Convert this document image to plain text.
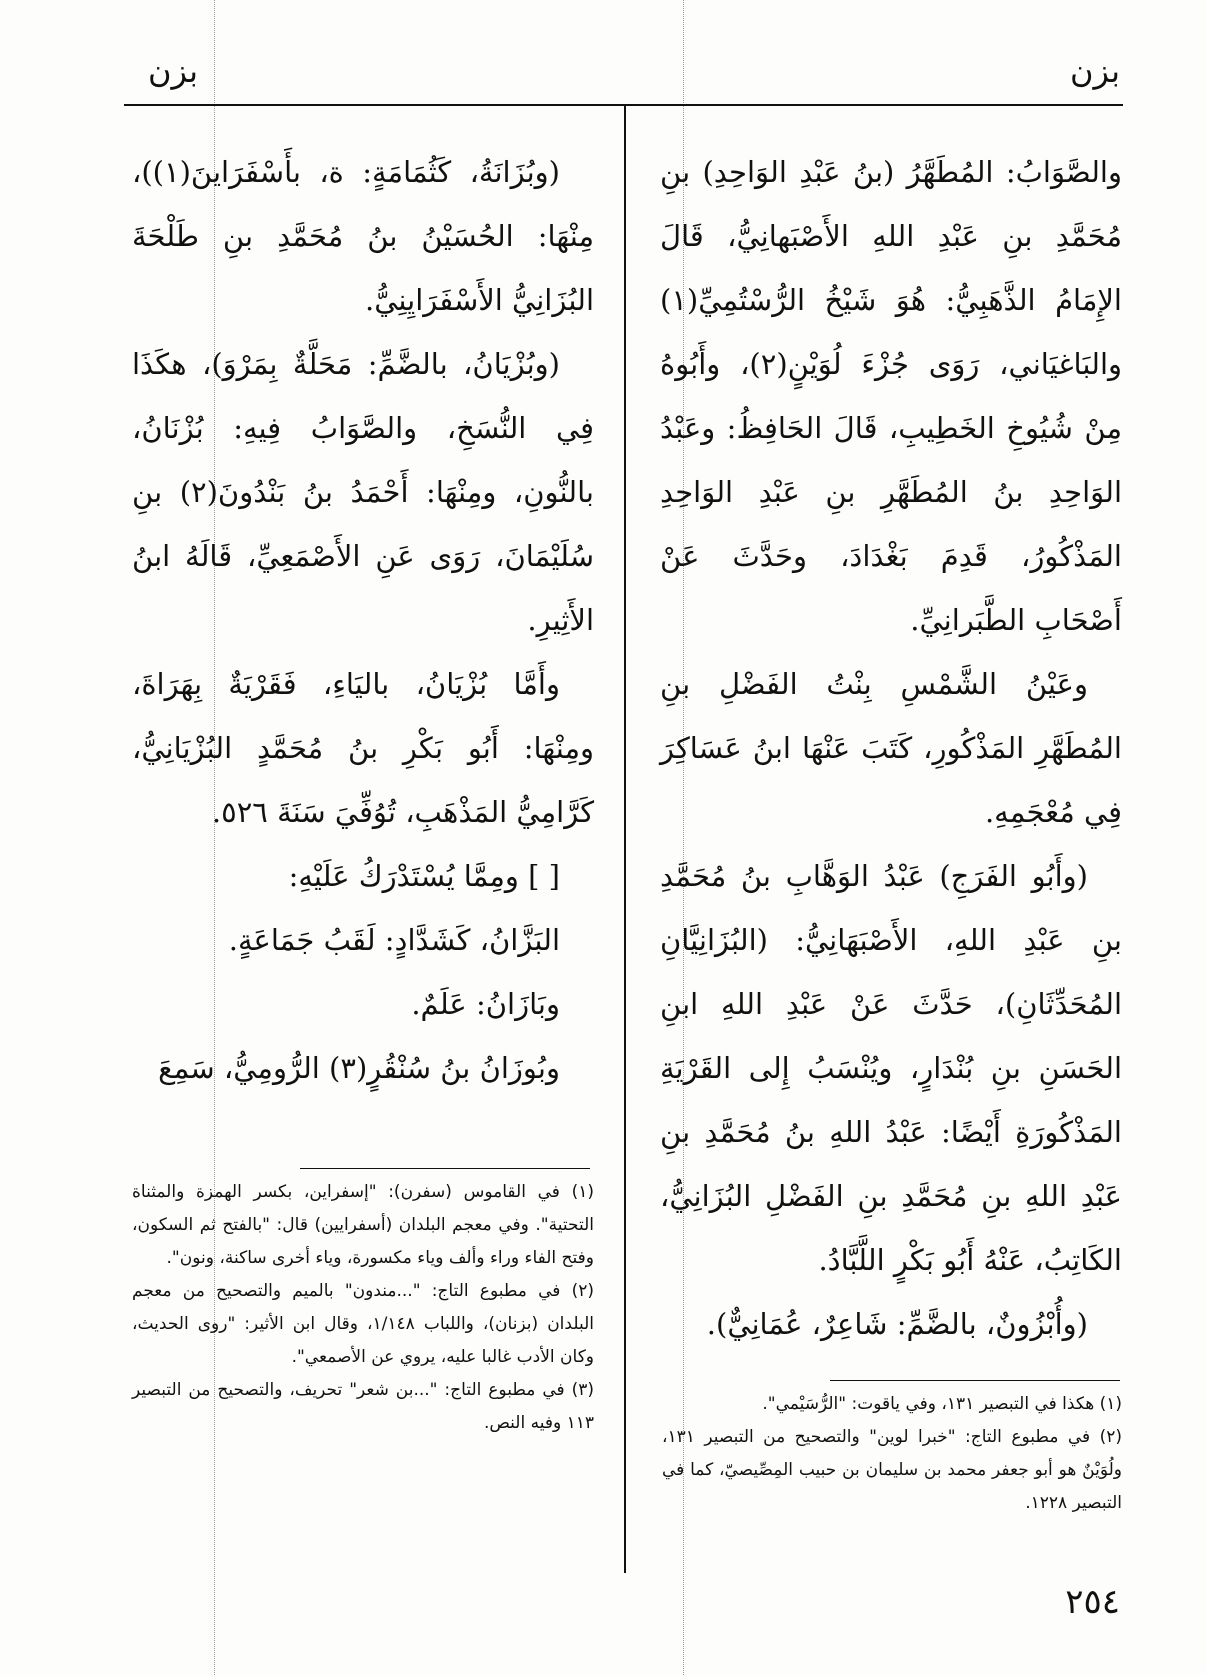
بزن
بزن

والصَّوَابُ: المُطَهَّرُ (بنُ عَبْدِ الوَاحِدِ) بنِ مُحَمَّدِ بنِ عَبْدِ اللهِ الأَصْبَهانِيُّ، قَالَ الإِمَامُ الذَّهَبِيُّ: هُوَ شَيْخُ الرُّسْتُمِيِّ(١) والبَاغيَاني، رَوَى جُزْءَ لُوَيْنٍ(٢)، وأَبُوهُ مِنْ شُيُوخِ الخَطِيبِ، قَالَ الحَافِظُ: وعَبْدُ الوَاحِدِ بنُ المُطَهَّرِ بنِ عَبْدِ الوَاحِدِ المَذْكُورُ، قَدِمَ بَغْدَادَ، وحَدَّثَ عَنْ أَصْحَابِ الطَّبَرانِيِّ.

وعَيْنُ الشَّمْسِ بِنْتُ الفَضْلِ بنِ المُطَهَّرِ المَذْكُورِ، كَتَبَ عَنْهَا ابنُ عَسَاكِرَ فِي مُعْجَمِهِ.

(وأَبُو الفَرَجِ) عَبْدُ الوَهَّابِ بنُ مُحَمَّدِ بنِ عَبْدِ اللهِ، الأَصْبَهَانِيُّ: (البُزَانِيَّانِ المُحَدِّثَانِ)، حَدَّثَ عَنْ عَبْدِ اللهِ ابنِ الحَسَنِ بنِ بُنْدَارٍ، ويُنْسَبُ إِلى القَرْيَةِ المَذْكُورَةِ أَيْضًا: عَبْدُ اللهِ بنُ مُحَمَّدِ بنِ عَبْدِ اللهِ بنِ مُحَمَّدِ بنِ الفَضْلِ البُزَانِيُّ، الكَاتِبُ، عَنْهُ أَبُو بَكْرٍ اللَّبَّادُ.

(وأُبْزُونٌ، بالضَّمِّ: شَاعِرٌ، عُمَانِيٌّ).

(وبُزَانَةُ، كَثُمَامَةٍ: ة، بأَسْفَرَاينَ(١))، مِنْهَا: الحُسَيْنُ بنُ مُحَمَّدِ بنِ طَلْحَةَ البُزَانِيُّ الأَسْفَرَايِنِيُّ.

(وبُزْيَانُ، بالضَّمِّ: مَحَلَّةٌ بِمَرْوَ)، هكَذَا فِي النُّسَخِ، والصَّوَابُ فِيهِ: بُزْنَانُ، بالنُّونِ، ومِنْهَا: أَحْمَدُ بنُ بَنْدُونَ(٢) بنِ سُلَيْمَانَ، رَوَى عَنِ الأَصْمَعِيِّ، قَالَهُ ابنُ الأَثِيرِ.

وأَمَّا بُزْيَانُ، باليَاءِ، فَقَرْيَةٌ بِهَرَاةَ، ومِنْهَا: أَبُو بَكْرِ بنُ مُحَمَّدٍ البُزْيَانِيُّ، كَرَّامِيُّ المَذْهَبِ، تُوُفِّيَ سَنَةَ ٥٢٦.

[ ] ومِمَّا يُسْتَدْرَكُ عَلَيْهِ:

البَزَّانُ، كَشَدَّادٍ: لَقَبُ جَمَاعَةٍ.

وبَازَانُ: عَلَمٌ.

وبُوزَانُ بنُ سُنْقُرٍ(٣) الرُّومِيُّ، سَمِعَ

(١) هكذا في التبصير ١٣١، وفي ياقوت: "الرُّسَيْمي".

(٢) في مطبوع التاج: "خبرا لوين" والتصحيح من التبصير ١٣١، ولُوَيْنٌ هو أبو جعفر محمد بن سليمان بن حبيب المِصِّيصيّ، كما في التبصير ١٢٢٨.

(١) في القاموس (سفرن): "إسفراين، بكسر الهمزة والمثناة التحتية". وفي معجم البلدان (أسفرايين) قال: "بالفتح ثم السكون، وفتح الفاء وراء وألف وياء مكسورة، وياء أخرى ساكنة، ونون".

(٢) في مطبوع التاج: "...مندون" بالميم والتصحيح من معجم البلدان (بزنان)، واللباب ١/١٤٨، وقال ابن الأثير: "روى الحديث، وكان الأدب غالبا عليه، يروي عن الأصمعي".

(٣) في مطبوع التاج: "...بن شعر" تحريف، والتصحيح من التبصير ١١٣ وفيه النص.

٢٥٤
